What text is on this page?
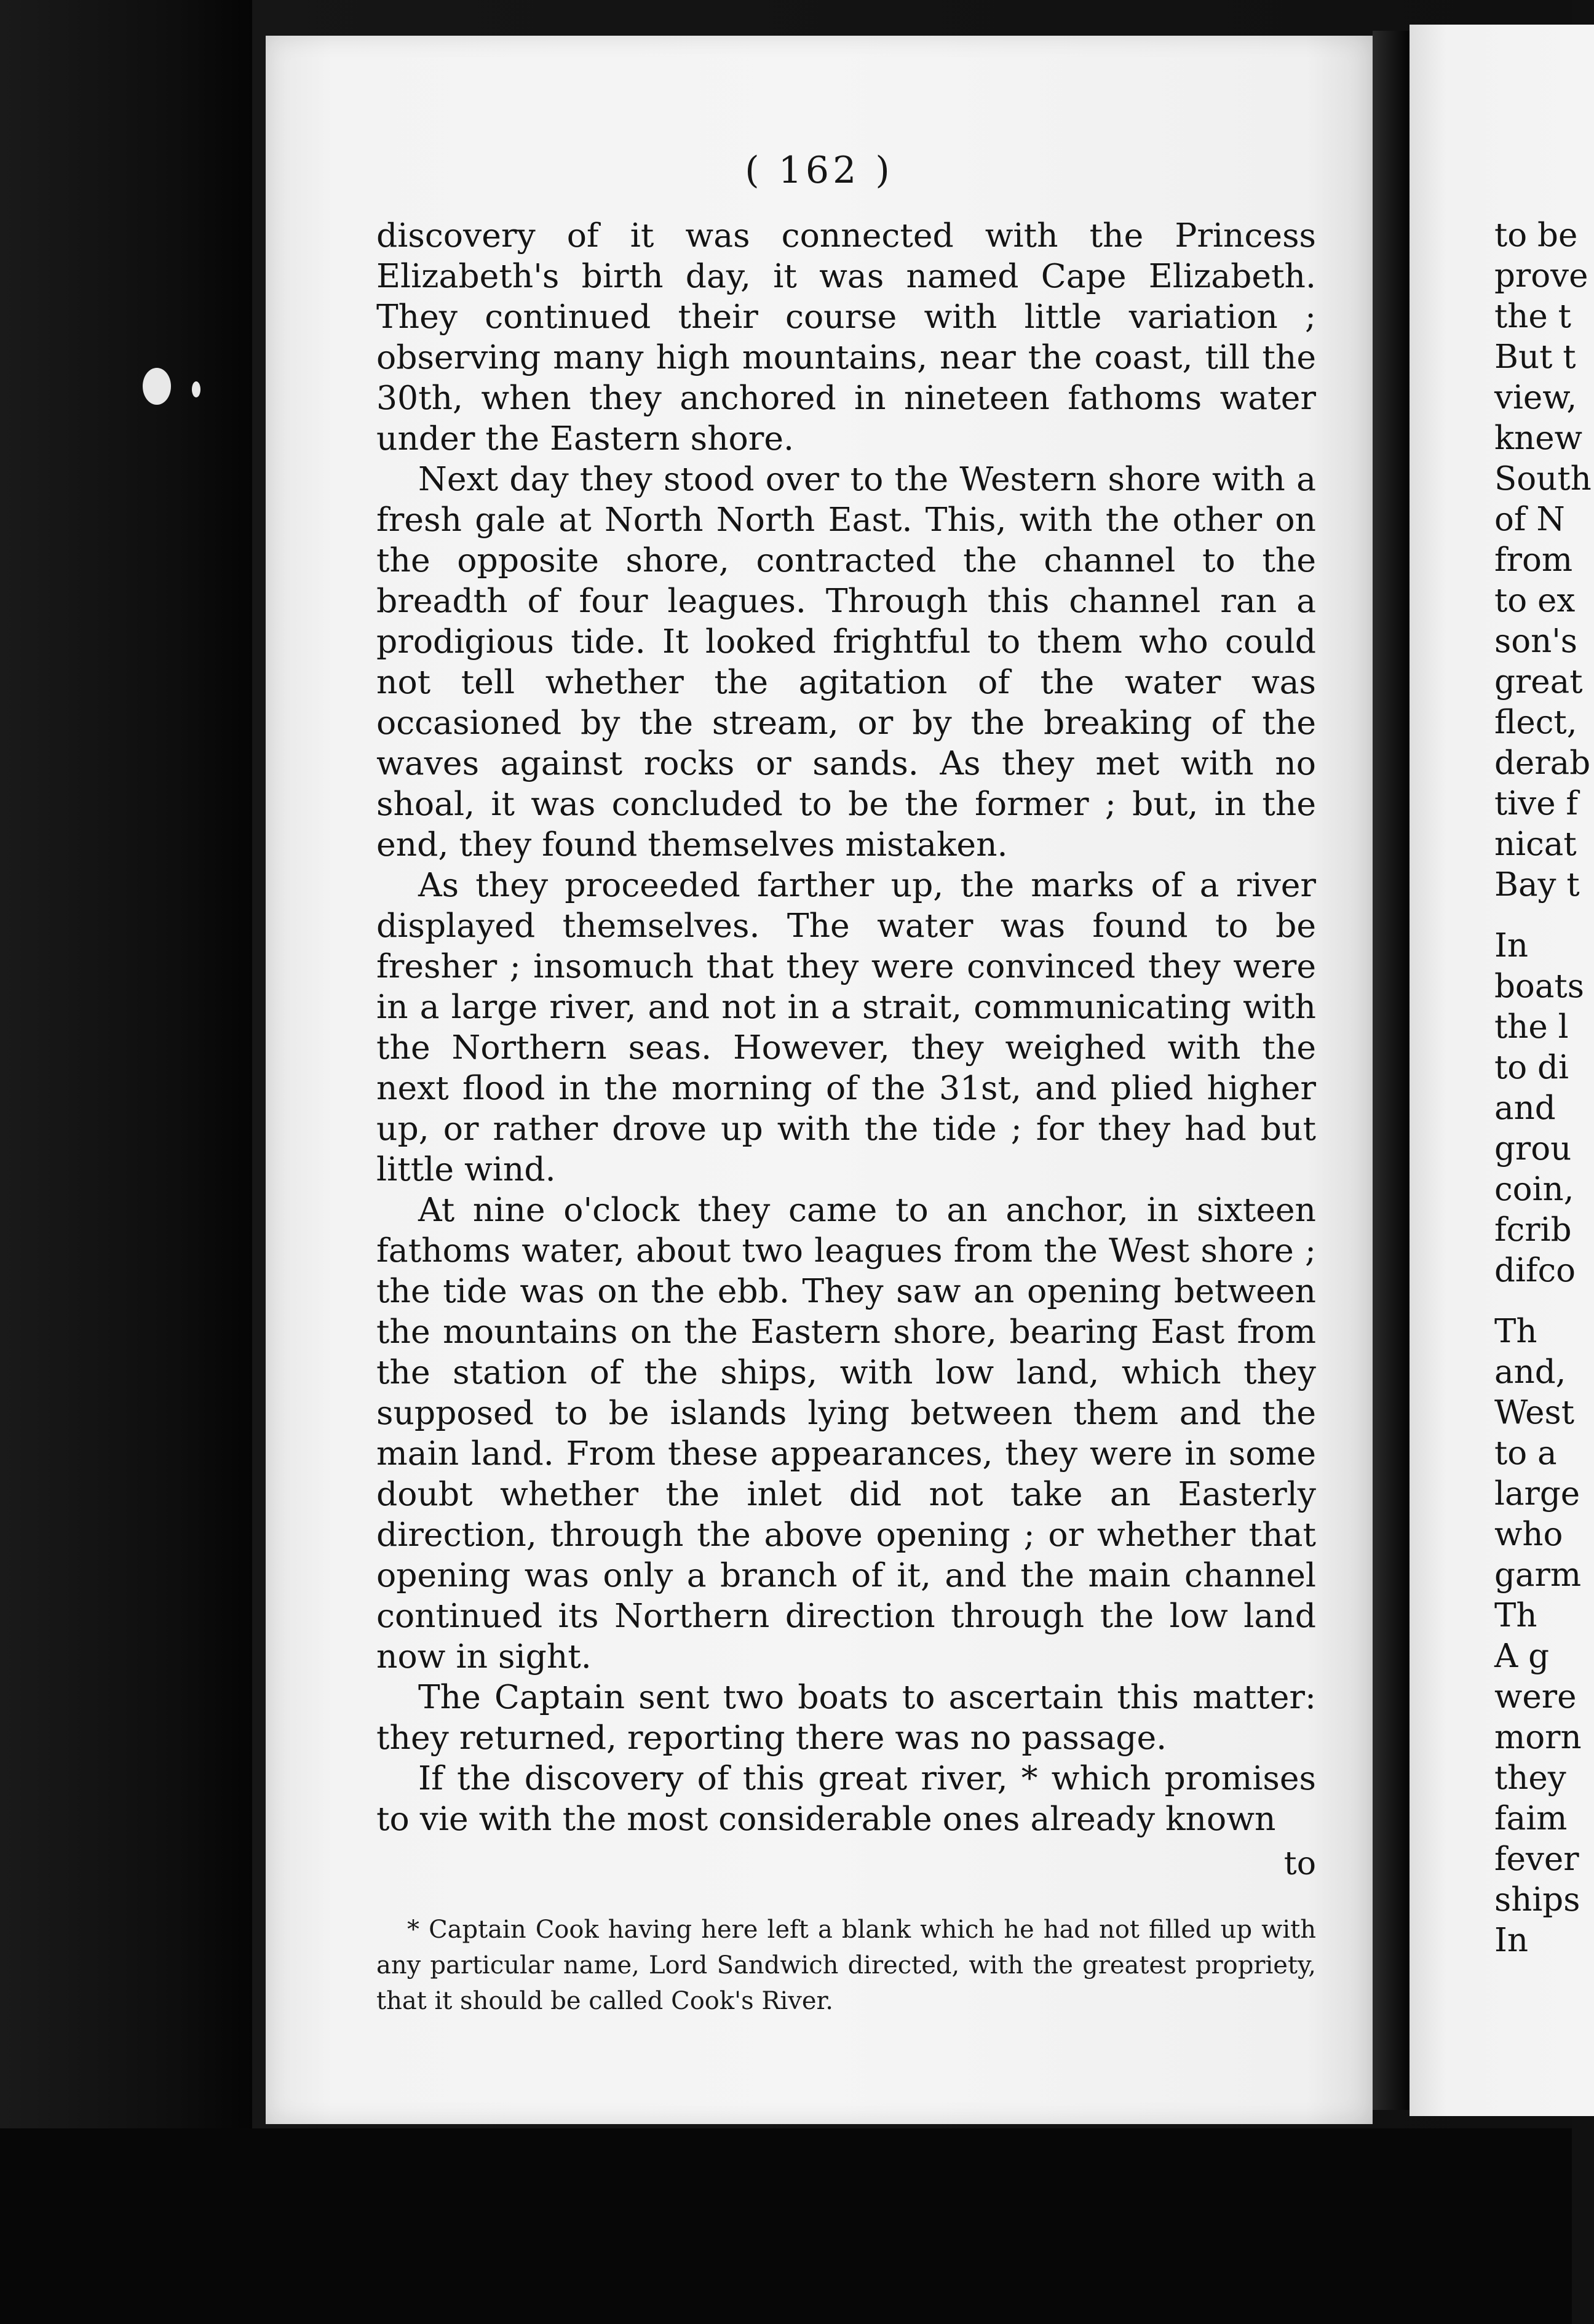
( 162 )

discovery of it was connected with the Princess Elizabeth's birth day, it was named Cape Elizabeth. They continued their course with little variation ; observing many high mountains, near the coast, till the 30th, when they anchored in nineteen fathoms water under the Eastern shore.

Next day they stood over to the Western shore with a fresh gale at North North East. This, with the other on the opposite shore, contracted the channel to the breadth of four leagues. Through this channel ran a prodigious tide. It looked frightful to them who could not tell whether the agitation of the water was occasioned by the stream, or by the breaking of the waves against rocks or sands. As they met with no shoal, it was concluded to be the former ; but, in the end, they found themselves mistaken.

As they proceeded farther up, the marks of a river displayed themselves. The water was found to be fresher ; insomuch that they were convinced they were in a large river, and not in a strait, communicating with the Northern seas. However, they weighed with the next flood in the morning of the 31st, and plied higher up, or rather drove up with the tide ; for they had but little wind.

At nine o'clock they came to an anchor, in sixteen fathoms water, about two leagues from the West shore ; the tide was on the ebb. They saw an opening between the mountains on the Eastern shore, bearing East from the station of the ships, with low land, which they supposed to be islands lying between them and the main land. From these appearances, they were in some doubt whether the inlet did not take an Easterly direction, through the above opening ; or whether that opening was only a branch of it, and the main channel continued its Northern direction through the low land now in sight.

The Captain sent two boats to ascertain this matter: they returned, reporting there was no passage.

If the discovery of this great river, * which promises to vie with the most considerable ones already known

to
* Captain Cook having here left a blank which he had not filled up with any particular name, Lord Sandwich directed, with the greatest propriety, that it should be called Cook's River.
to be
prove
the t
But t
view,
knew
South
of N
from
to ex
son's
great
flect,
derab
tive f
nicat
Bay t
In
boats
the l
to di
and
grou
coin,
fcrib
difco
Th
and,
West
to a
large
who
garm
Th
A g
were
morn
they
faim
fever
ships
In
